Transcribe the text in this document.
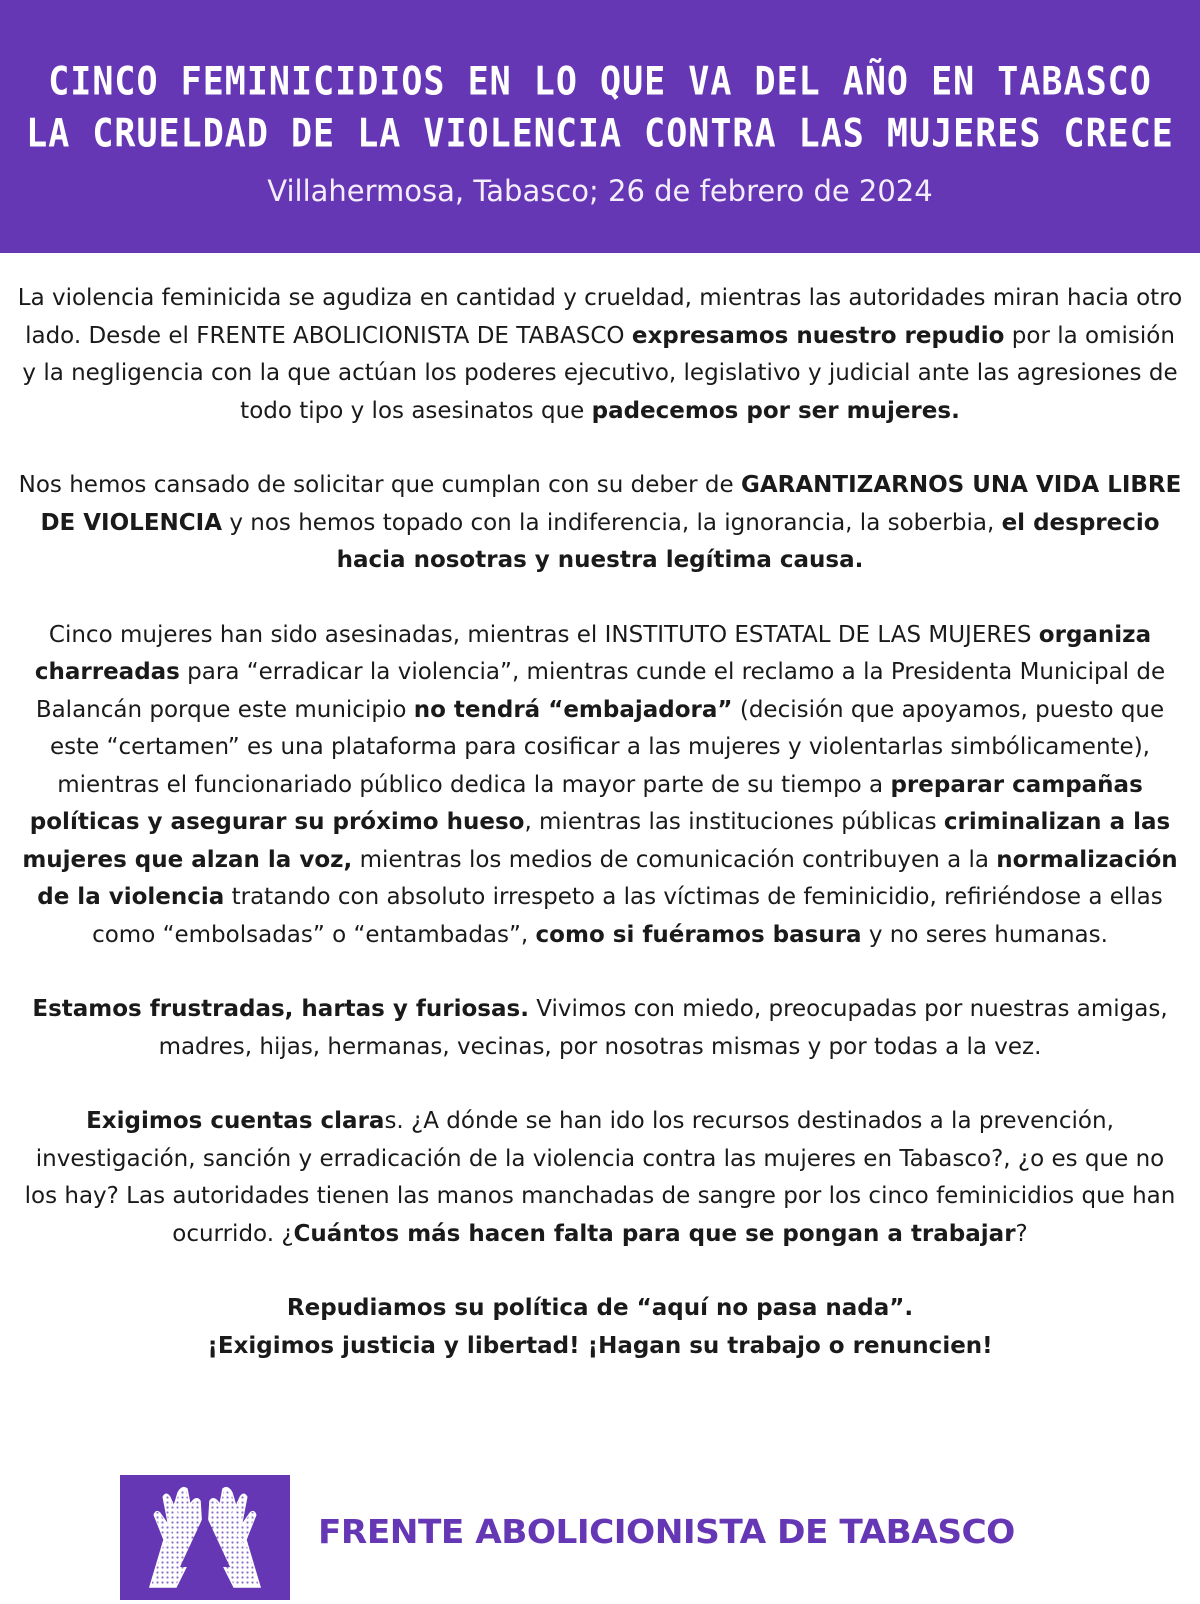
CINCO FEMINICIDIOS EN LO QUE VA DEL AÑO EN TABASCO
LA CRUELDAD DE LA VIOLENCIA CONTRA LAS MUJERES CRECE
Villahermosa, Tabasco; 26 de febrero de 2024

La violencia feminicida se agudiza en cantidad y crueldad, mientras las autoridades miran hacia otro lado. Desde el FRENTE ABOLICIONISTA DE TABASCO expresamos nuestro repudio por la omisión y la negligencia con la que actúan los poderes ejecutivo, legislativo y judicial ante las agresiones de todo tipo y los asesinatos que padecemos por ser mujeres.

Nos hemos cansado de solicitar que cumplan con su deber de GARANTIZARNOS UNA VIDA LIBRE DE VIOLENCIA y nos hemos topado con la indiferencia, la ignorancia, la soberbia, el desprecio hacia nosotras y nuestra legítima causa.

Cinco mujeres han sido asesinadas, mientras el INSTITUTO ESTATAL DE LAS MUJERES organiza charreadas para “erradicar la violencia”, mientras cunde el reclamo a la Presidenta Municipal de Balancán porque este municipio no tendrá “embajadora” (decisión que apoyamos, puesto que este “certamen” es una plataforma para cosificar a las mujeres y violentarlas simbólicamente), mientras el funcionariado público dedica la mayor parte de su tiempo a preparar campañas políticas y asegurar su próximo hueso, mientras las instituciones públicas criminalizan a las mujeres que alzan la voz, mientras los medios de comunicación contribuyen a la normalización de la violencia tratando con absoluto irrespeto a las víctimas de feminicidio, refiriéndose a ellas como “embolsadas” o “entambadas”, como si fuéramos basura y no seres humanas.

Estamos frustradas, hartas y furiosas. Vivimos con miedo, preocupadas por nuestras amigas, madres, hijas, hermanas, vecinas, por nosotras mismas y por todas a la vez.

Exigimos cuentas claras. ¿A dónde se han ido los recursos destinados a la prevención, investigación, sanción y erradicación de la violencia contra las mujeres en Tabasco?, ¿o es que no los hay? Las autoridades tienen las manos manchadas de sangre por los cinco feminicidios que han ocurrido. ¿Cuántos más hacen falta para que se pongan a trabajar?

Repudiamos su política de “aquí no pasa nada”.
¡Exigimos justicia y libertad! ¡Hagan su trabajo o renuncien!

FRENTE ABOLICIONISTA DE TABASCO
